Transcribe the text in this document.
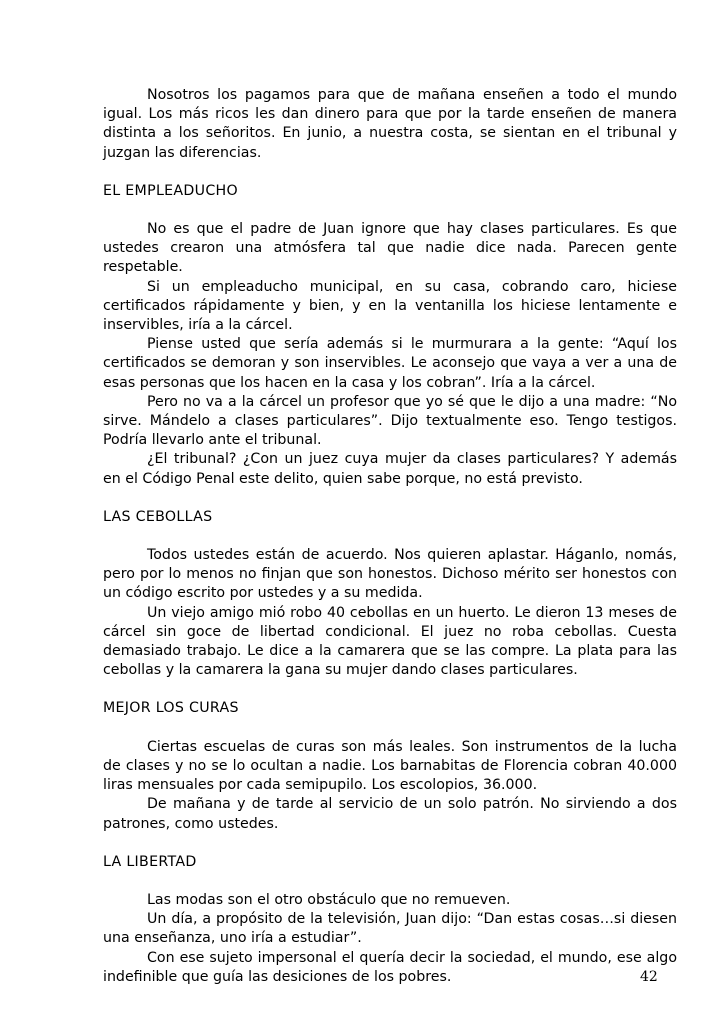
Nosotros los pagamos para que de mañana enseñen a todo el mundo igual. Los más ricos les dan dinero para que por la tarde enseñen de manera distinta a los señoritos. En junio, a nuestra costa, se sientan en el tribunal y juzgan las diferencias.

EL EMPLEADUCHO

No es que el padre de Juan ignore que hay clases particulares. Es que ustedes crearon una atmósfera tal que nadie dice nada. Parecen gente respetable.

Si un empleaducho municipal, en su casa, cobrando caro, hiciese certificados rápidamente y bien, y en la ventanilla los hiciese lentamente e inservibles, iría a la cárcel.

Piense usted que sería además si le murmurara a la gente: “Aquí los certificados se demoran y son inservibles. Le aconsejo que vaya a ver a una de esas personas que los hacen en la casa y los cobran”. Iría a la cárcel.

Pero no va a la cárcel un profesor que yo sé que le dijo a una madre: “No sirve. Mándelo a clases particulares”. Dijo textualmente eso. Tengo testigos. Podría llevarlo ante el tribunal.

¿El tribunal? ¿Con un juez cuya mujer da clases particulares? Y además en el Código Penal este delito, quien sabe porque, no está previsto.

LAS CEBOLLAS

Todos ustedes están de acuerdo. Nos quieren aplastar. Háganlo, nomás, pero por lo menos no finjan que son honestos. Dichoso mérito ser honestos con un código escrito por ustedes y a su medida.

Un viejo amigo mió robo 40 cebollas en un huerto. Le dieron 13 meses de cárcel sin goce de libertad condicional. El juez no roba cebollas. Cuesta demasiado trabajo. Le dice a la camarera que se las compre. La plata para las cebollas y la camarera la gana su mujer dando clases particulares.

MEJOR LOS CURAS

Ciertas escuelas de curas son más leales. Son instrumentos de la lucha de clases y no se lo ocultan a nadie. Los barnabitas de Florencia cobran 40.000 liras mensuales por cada semipupilo. Los escolopios, 36.000.

De mañana y de tarde al servicio de un solo patrón. No sirviendo a dos patrones, como ustedes.

LA LIBERTAD

Las modas son el otro obstáculo que no remueven.

Un día, a propósito de la televisión, Juan dijo: “Dan estas cosas…si diesen una enseñanza, uno iría a estudiar”.

Con ese sujeto impersonal el quería decir la sociedad, el mundo, ese algo indefinible que guía las desiciones de los pobres.	42
